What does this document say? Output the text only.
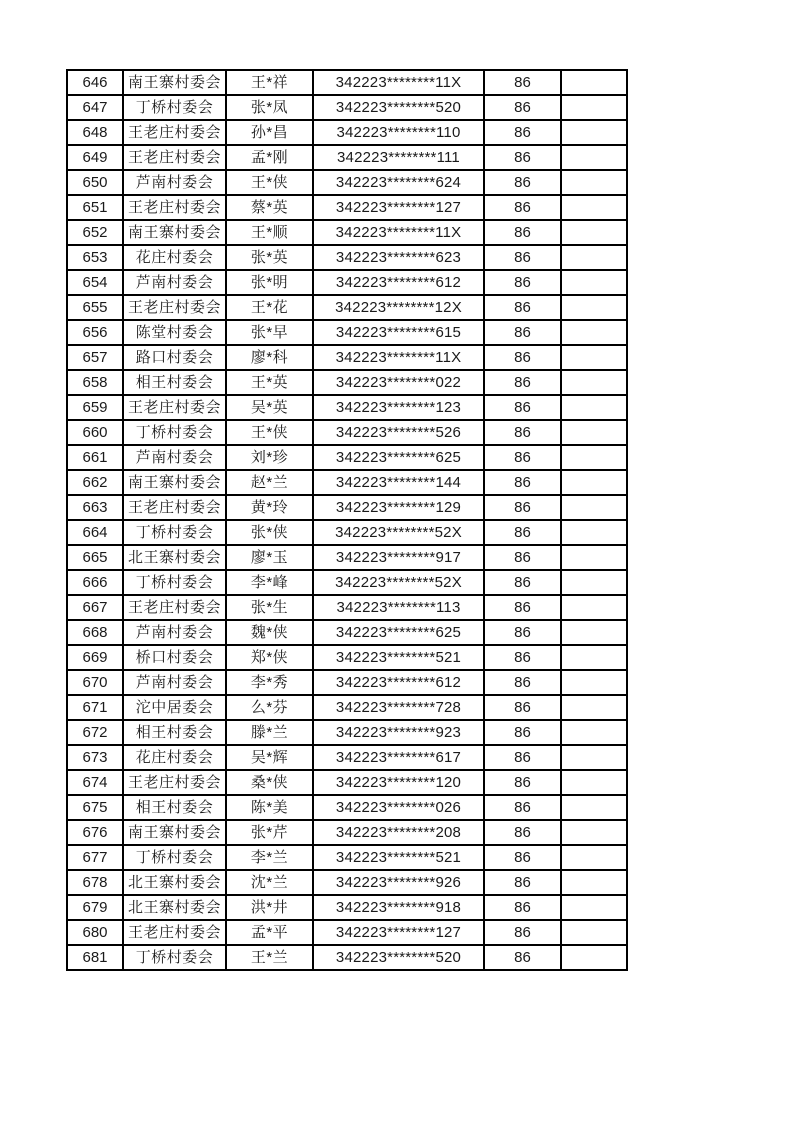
646	南王寨村委会	王*祥	342223********11X	86	
647	丁桥村委会	张*凤	342223********520	86	
648	王老庄村委会	孙*昌	342223********110	86	
649	王老庄村委会	孟*刚	342223********111	86	
650	芦南村委会	王*侠	342223********624	86	
651	王老庄村委会	蔡*英	342223********127	86	
652	南王寨村委会	王*顺	342223********11X	86	
653	花庄村委会	张*英	342223********623	86	
654	芦南村委会	张*明	342223********612	86	
655	王老庄村委会	王*花	342223********12X	86	
656	陈堂村委会	张*早	342223********615	86	
657	路口村委会	廖*科	342223********11X	86	
658	相王村委会	王*英	342223********022	86	
659	王老庄村委会	吴*英	342223********123	86	
660	丁桥村委会	王*侠	342223********526	86	
661	芦南村委会	刘*珍	342223********625	86	
662	南王寨村委会	赵*兰	342223********144	86	
663	王老庄村委会	黄*玲	342223********129	86	
664	丁桥村委会	张*侠	342223********52X	86	
665	北王寨村委会	廖*玉	342223********917	86	
666	丁桥村委会	李*峰	342223********52X	86	
667	王老庄村委会	张*生	342223********113	86	
668	芦南村委会	魏*侠	342223********625	86	
669	桥口村委会	郑*侠	342223********521	86	
670	芦南村委会	李*秀	342223********612	86	
671	沱中居委会	么*芬	342223********728	86	
672	相王村委会	滕*兰	342223********923	86	
673	花庄村委会	吴*辉	342223********617	86	
674	王老庄村委会	桑*侠	342223********120	86	
675	相王村委会	陈*美	342223********026	86	
676	南王寨村委会	张*芹	342223********208	86	
677	丁桥村委会	李*兰	342223********521	86	
678	北王寨村委会	沈*兰	342223********926	86	
679	北王寨村委会	洪*井	342223********918	86	
680	王老庄村委会	孟*平	342223********127	86	
681	丁桥村委会	王*兰	342223********520	86	
